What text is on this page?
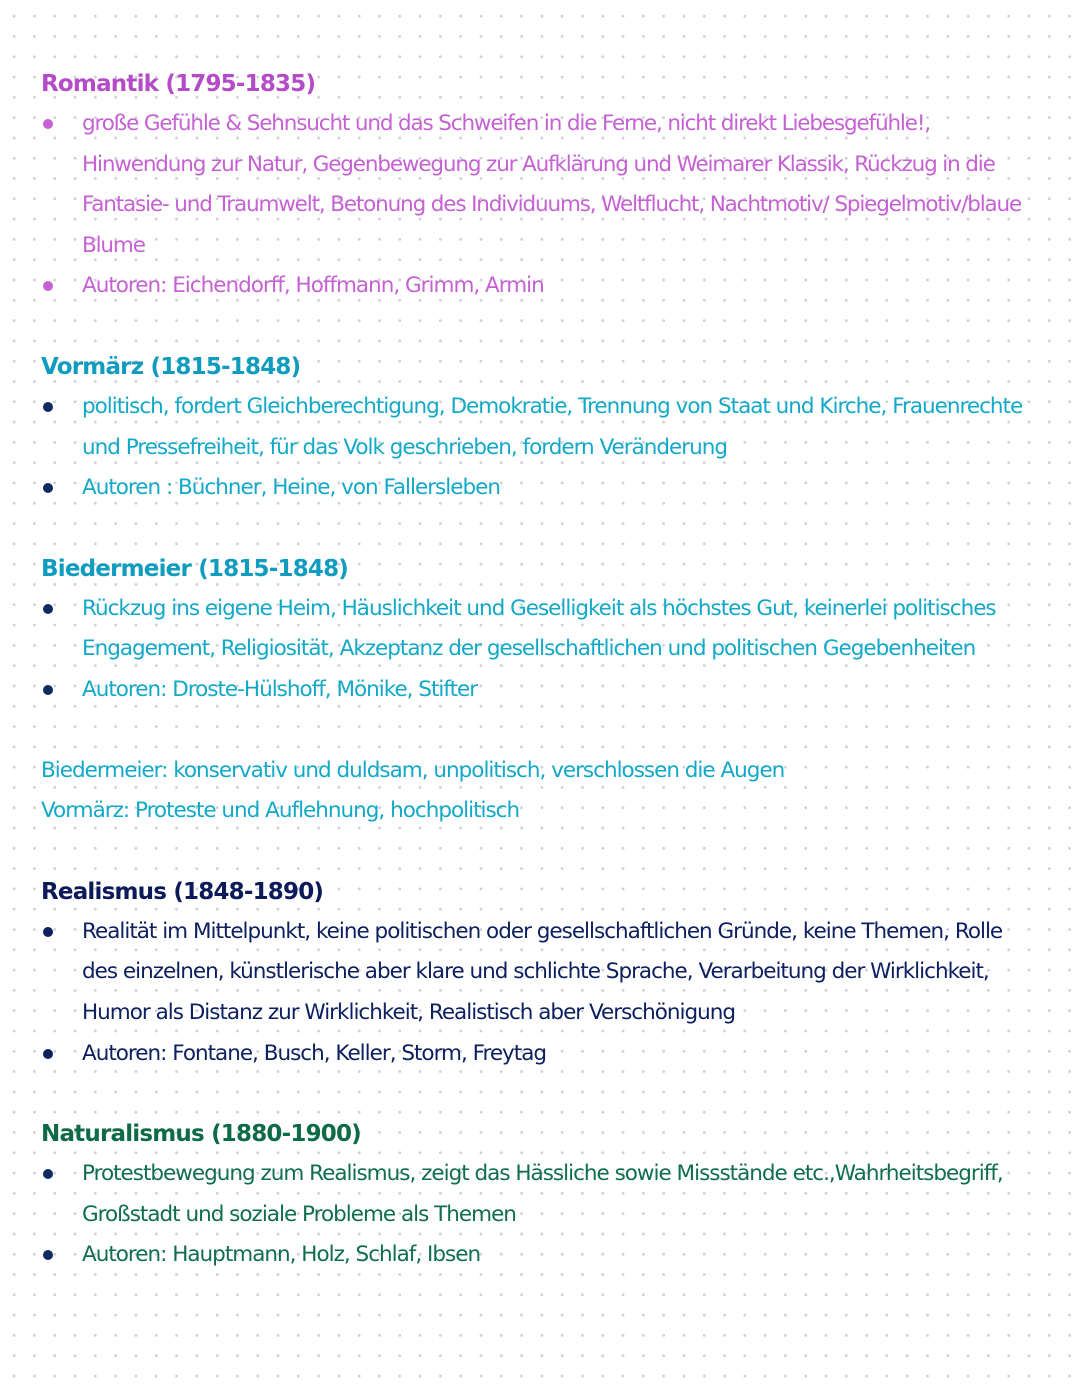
Romantik (1795-1835)
große Gefühle & Sehnsucht und das Schweifen in die Ferne, nicht direkt Liebesgefühle!, Hinwendung zur Natur, Gegenbewegung zur Aufklärung und Weimarer Klassik, Rückzug in die Fantasie- und Traumwelt, Betonung des Individuums, Weltflucht, Nachtmotiv/ Spiegelmotiv/blaue Blume
Autoren: Eichendorff, Hoffmann, Grimm, Armin
Vormärz (1815-1848)
politisch, fordert Gleichberechtigung, Demokratie, Trennung von Staat und Kirche, Frauenrechte und Pressefreiheit, für das Volk geschrieben, fordern Veränderung
Autoren : Büchner, Heine, von Fallersleben
Biedermeier (1815-1848)
Rückzug ins eigene Heim, Häuslichkeit und Geselligkeit als höchstes Gut, keinerlei politisches Engagement, Religiosität, Akzeptanz der gesellschaftlichen und politischen Gegebenheiten
Autoren: Droste-Hülshoff, Mönike, Stifter
Biedermeier: konservativ und duldsam, unpolitisch, verschlossen die Augen
Vormärz: Proteste und Auflehnung, hochpolitisch
Realismus (1848-1890)
Realität im Mittelpunkt, keine politischen oder gesellschaftlichen Gründe, keine Themen, Rolle des einzelnen, künstlerische aber klare und schlichte Sprache, Verarbeitung der Wirklichkeit, Humor als Distanz zur Wirklichkeit, Realistisch aber Verschönigung
Autoren: Fontane, Busch, Keller, Storm, Freytag
Naturalismus (1880-1900)
Protestbewegung zum Realismus, zeigt das Hässliche sowie Missstände etc.,Wahrheitsbegriff, Großstadt und soziale Probleme als Themen
Autoren: Hauptmann, Holz, Schlaf, Ibsen
